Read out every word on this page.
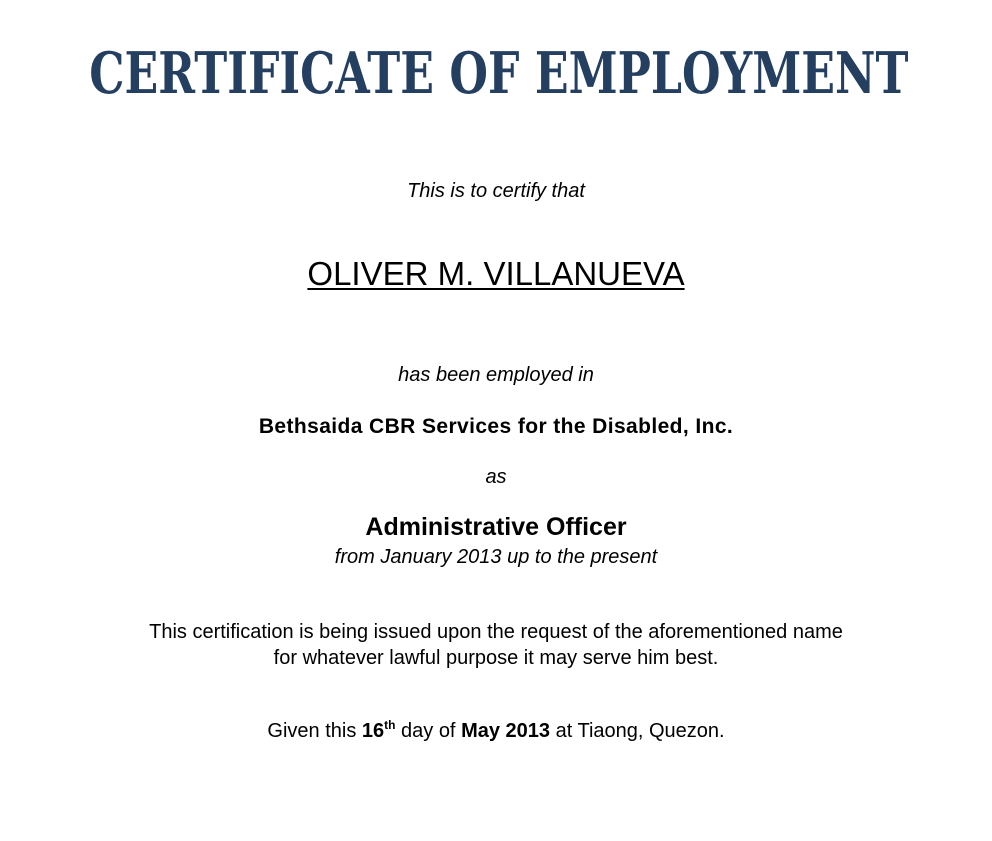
CERTIFICATE OF EMPLOYMENT
This is to certify that
OLIVER M. VILLANUEVA
has been employed in
Bethsaida CBR Services for the Disabled, Inc.
as
Administrative Officer
from January 2013 up to the present
This certification is being issued upon the request of the aforementioned name
for whatever lawful purpose it may serve him best.
Given this 16th day of May 2013 at Tiaong, Quezon.
